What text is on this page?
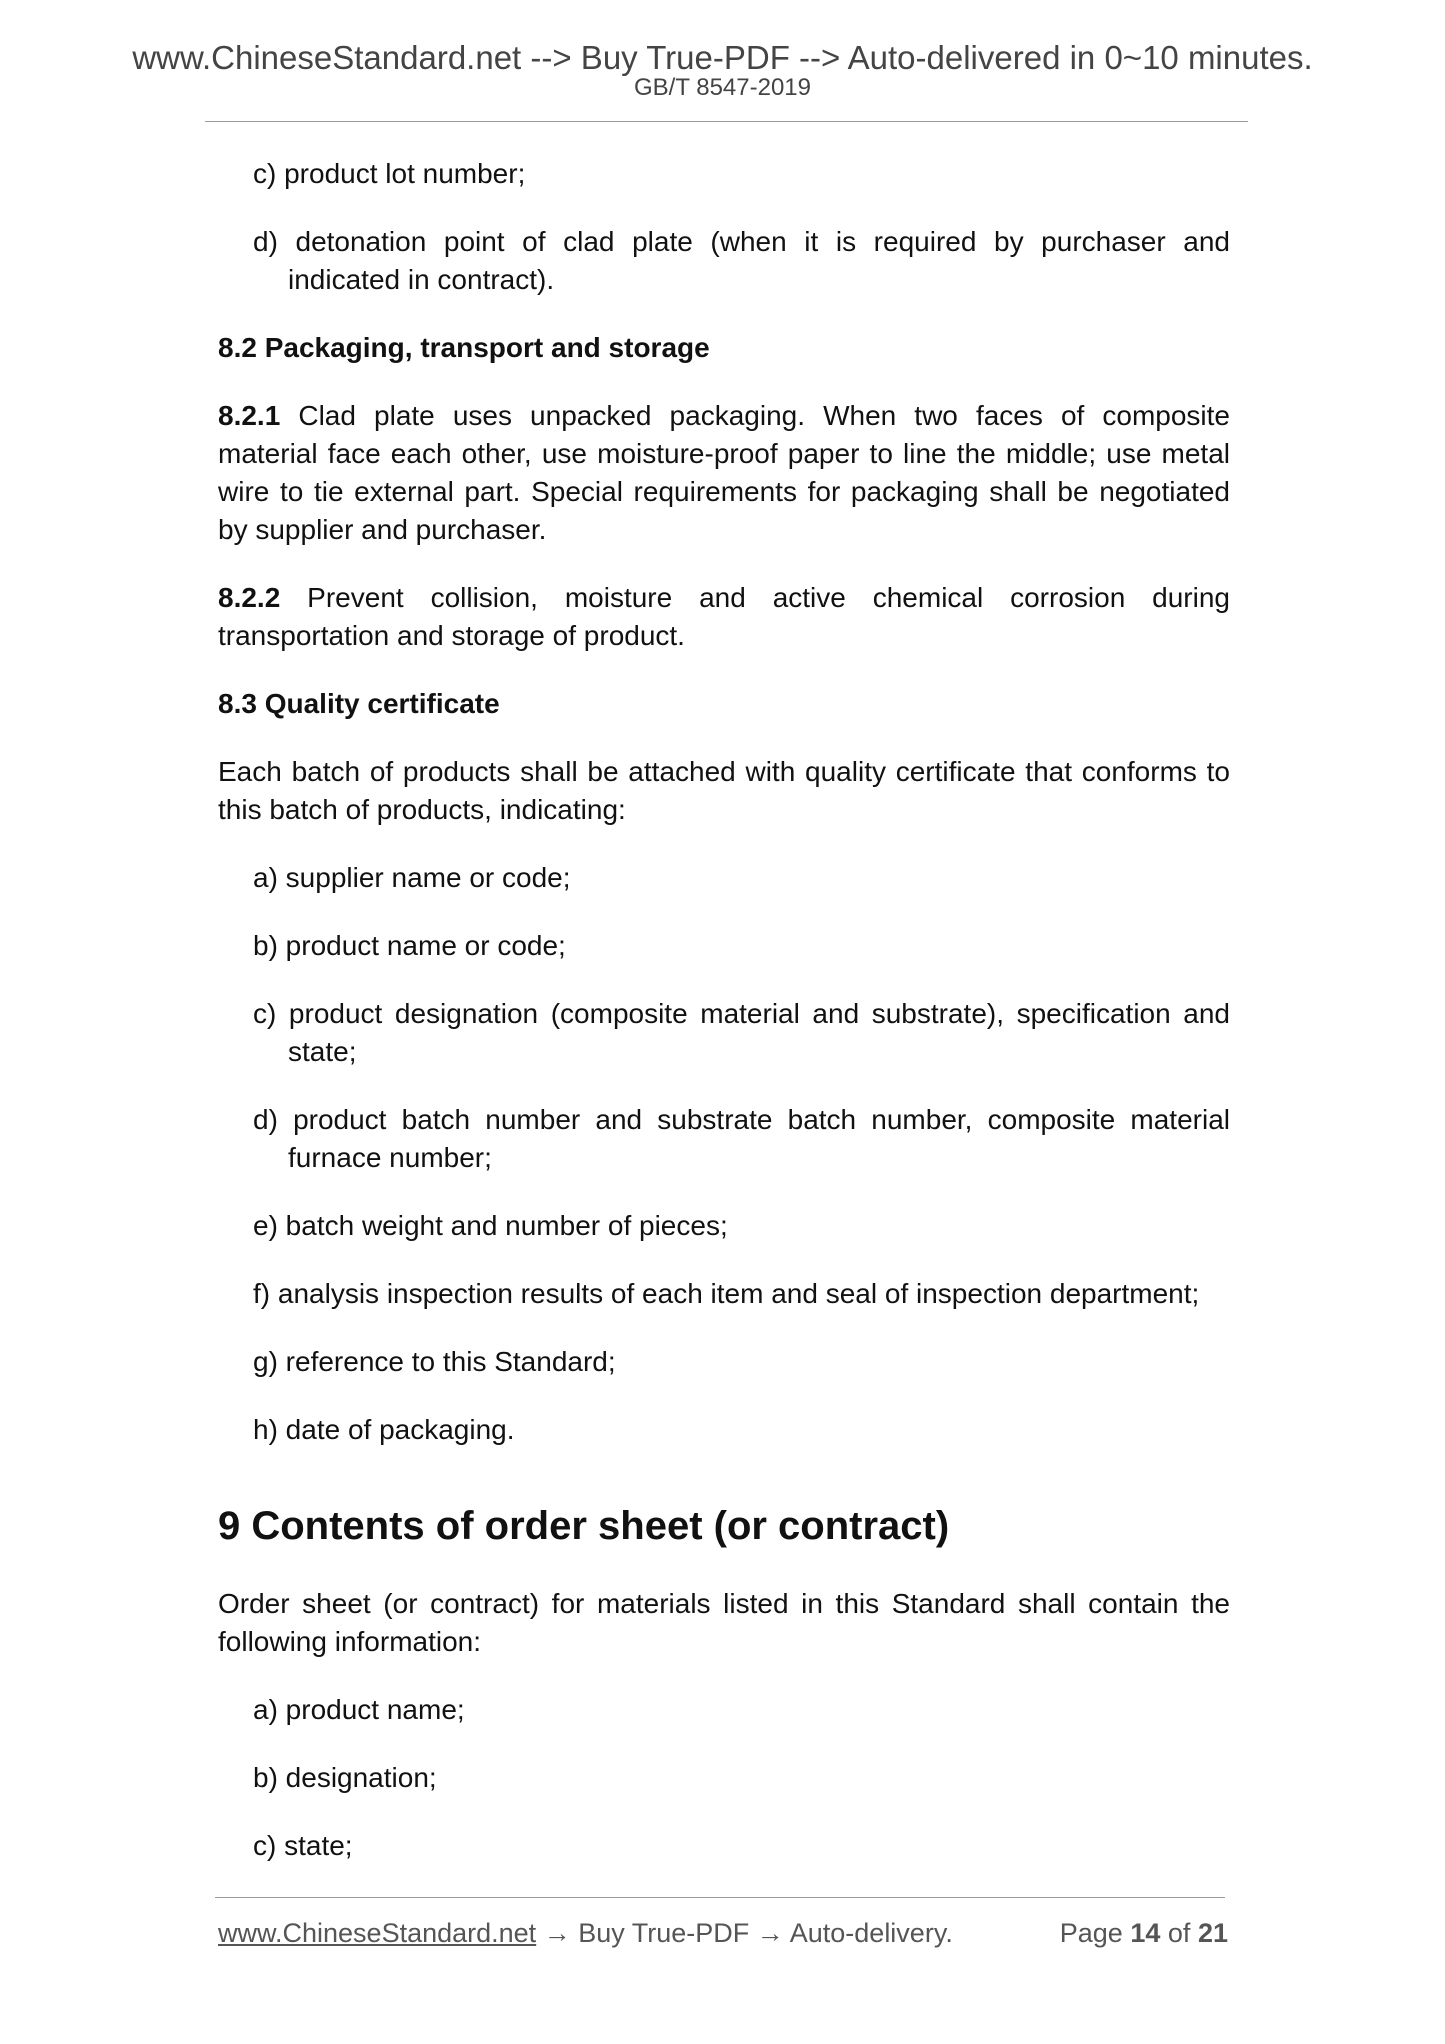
www.ChineseStandard.net --> Buy True-PDF --> Auto-delivered in 0~10 minutes.
GB/T 8547-2019

c) product lot number;

d) detonation point of clad plate (when it is required by purchaser and indicated in contract).

8.2 Packaging, transport and storage

8.2.1 Clad plate uses unpacked packaging. When two faces of composite material face each other, use moisture-proof paper to line the middle; use metal wire to tie external part. Special requirements for packaging shall be negotiated by supplier and purchaser.

8.2.2 Prevent collision, moisture and active chemical corrosion during transportation and storage of product.

8.3 Quality certificate

Each batch of products shall be attached with quality certificate that conforms to this batch of products, indicating:

a) supplier name or code;

b) product name or code;

c) product designation (composite material and substrate), specification and state;

d) product batch number and substrate batch number, composite material furnace number;

e) batch weight and number of pieces;

f) analysis inspection results of each item and seal of inspection department;

g) reference to this Standard;

h) date of packaging.

9 Contents of order sheet (or contract)

Order sheet (or contract) for materials listed in this Standard shall contain the following information:

a) product name;

b) designation;

c) state;

www.ChineseStandard.net → Buy True-PDF → Auto-delivery.	Page 14 of 21
